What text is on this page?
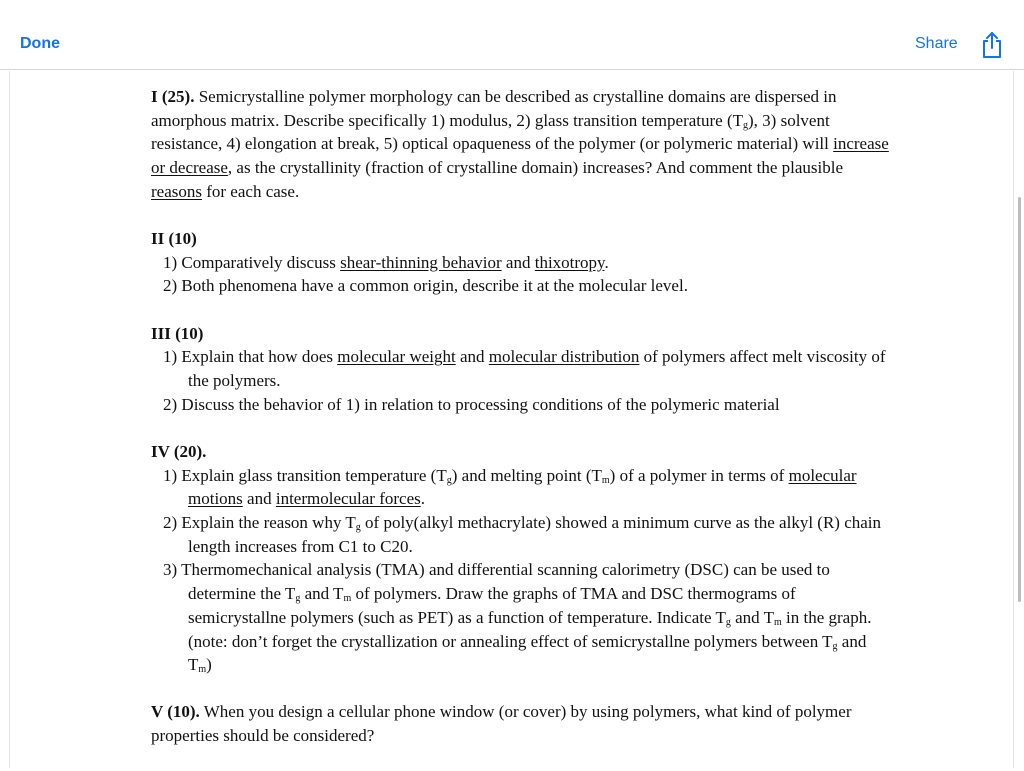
Done	Share
I (25). Semicrystalline polymer morphology can be described as crystalline domains are dispersed in amorphous matrix. Describe specifically 1) modulus, 2) glass transition temperature $(T_g)$, 3) solvent resistance, 4) elongation at break, 5) optical opaqueness of the polymer (or polymeric material) will increase or decrease, as the crystallinity (fraction of crystalline domain) increases? And comment the plausible reasons for each case.
II (10)
1) Comparatively discuss shear-thinning behavior and thixotropy.
2) Both phenomena have a common origin, describe it at the molecular level.
III (10)
1) Explain that how does molecular weight and molecular distribution of polymers affect melt viscosity of the polymers.
2) Discuss the behavior of 1) in relation to processing conditions of the polymeric material
IV (20).
1) Explain glass transition temperature $(T_g)$ and melting point $(T_m)$ of a polymer in terms of molecular motions and intermolecular forces.
2) Explain the reason why $T_g$ of poly(alkyl methacrylate) showed a minimum curve as the alkyl (R) chain length increases from C1 to C20.
3) Thermomechanical analysis (TMA) and differential scanning calorimetry (DSC) can be used to determine the $T_g$ and $T_m$ of polymers. Draw the graphs of TMA and DSC thermograms of semicrystallne polymers (such as PET) as a function of temperature. Indicate $T_g$ and $T_m$ in the graph. (note: don’t forget the crystallization or annealing effect of semicrystallne polymers between $T_g$ and $T_m$)
V (10). When you design a cellular phone window (or cover) by using polymers, what kind of polymer properties should be considered?
